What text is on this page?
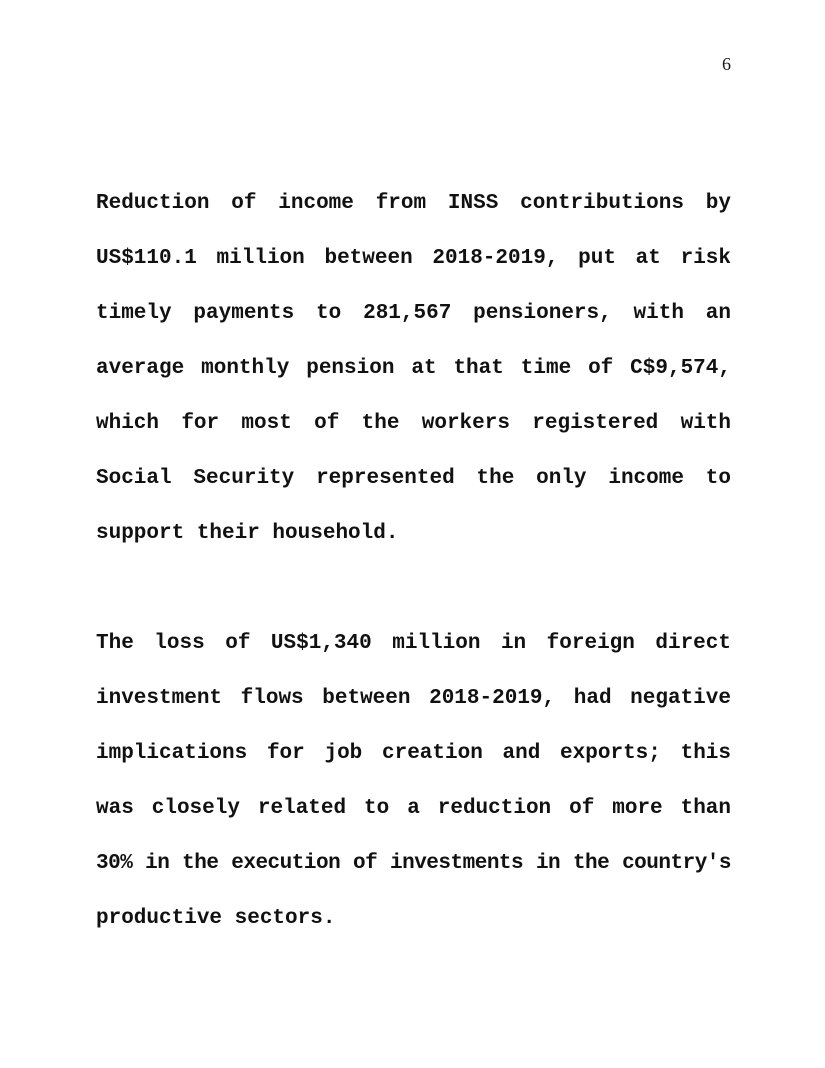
6
Reduction of income from INSS contributions by
US$110.1 million between 2018-2019, put at risk
timely payments to 281,567 pensioners, with an
average monthly pension at that time of C$9,574,
which for most of the workers registered with
Social Security represented the only income to
support their household.
The loss of US$1,340 million in foreign direct
investment flows between 2018-2019, had negative
implications for job creation and exports; this
was closely related to a reduction of more than
30% in the execution of investments in the country's
productive sectors.
